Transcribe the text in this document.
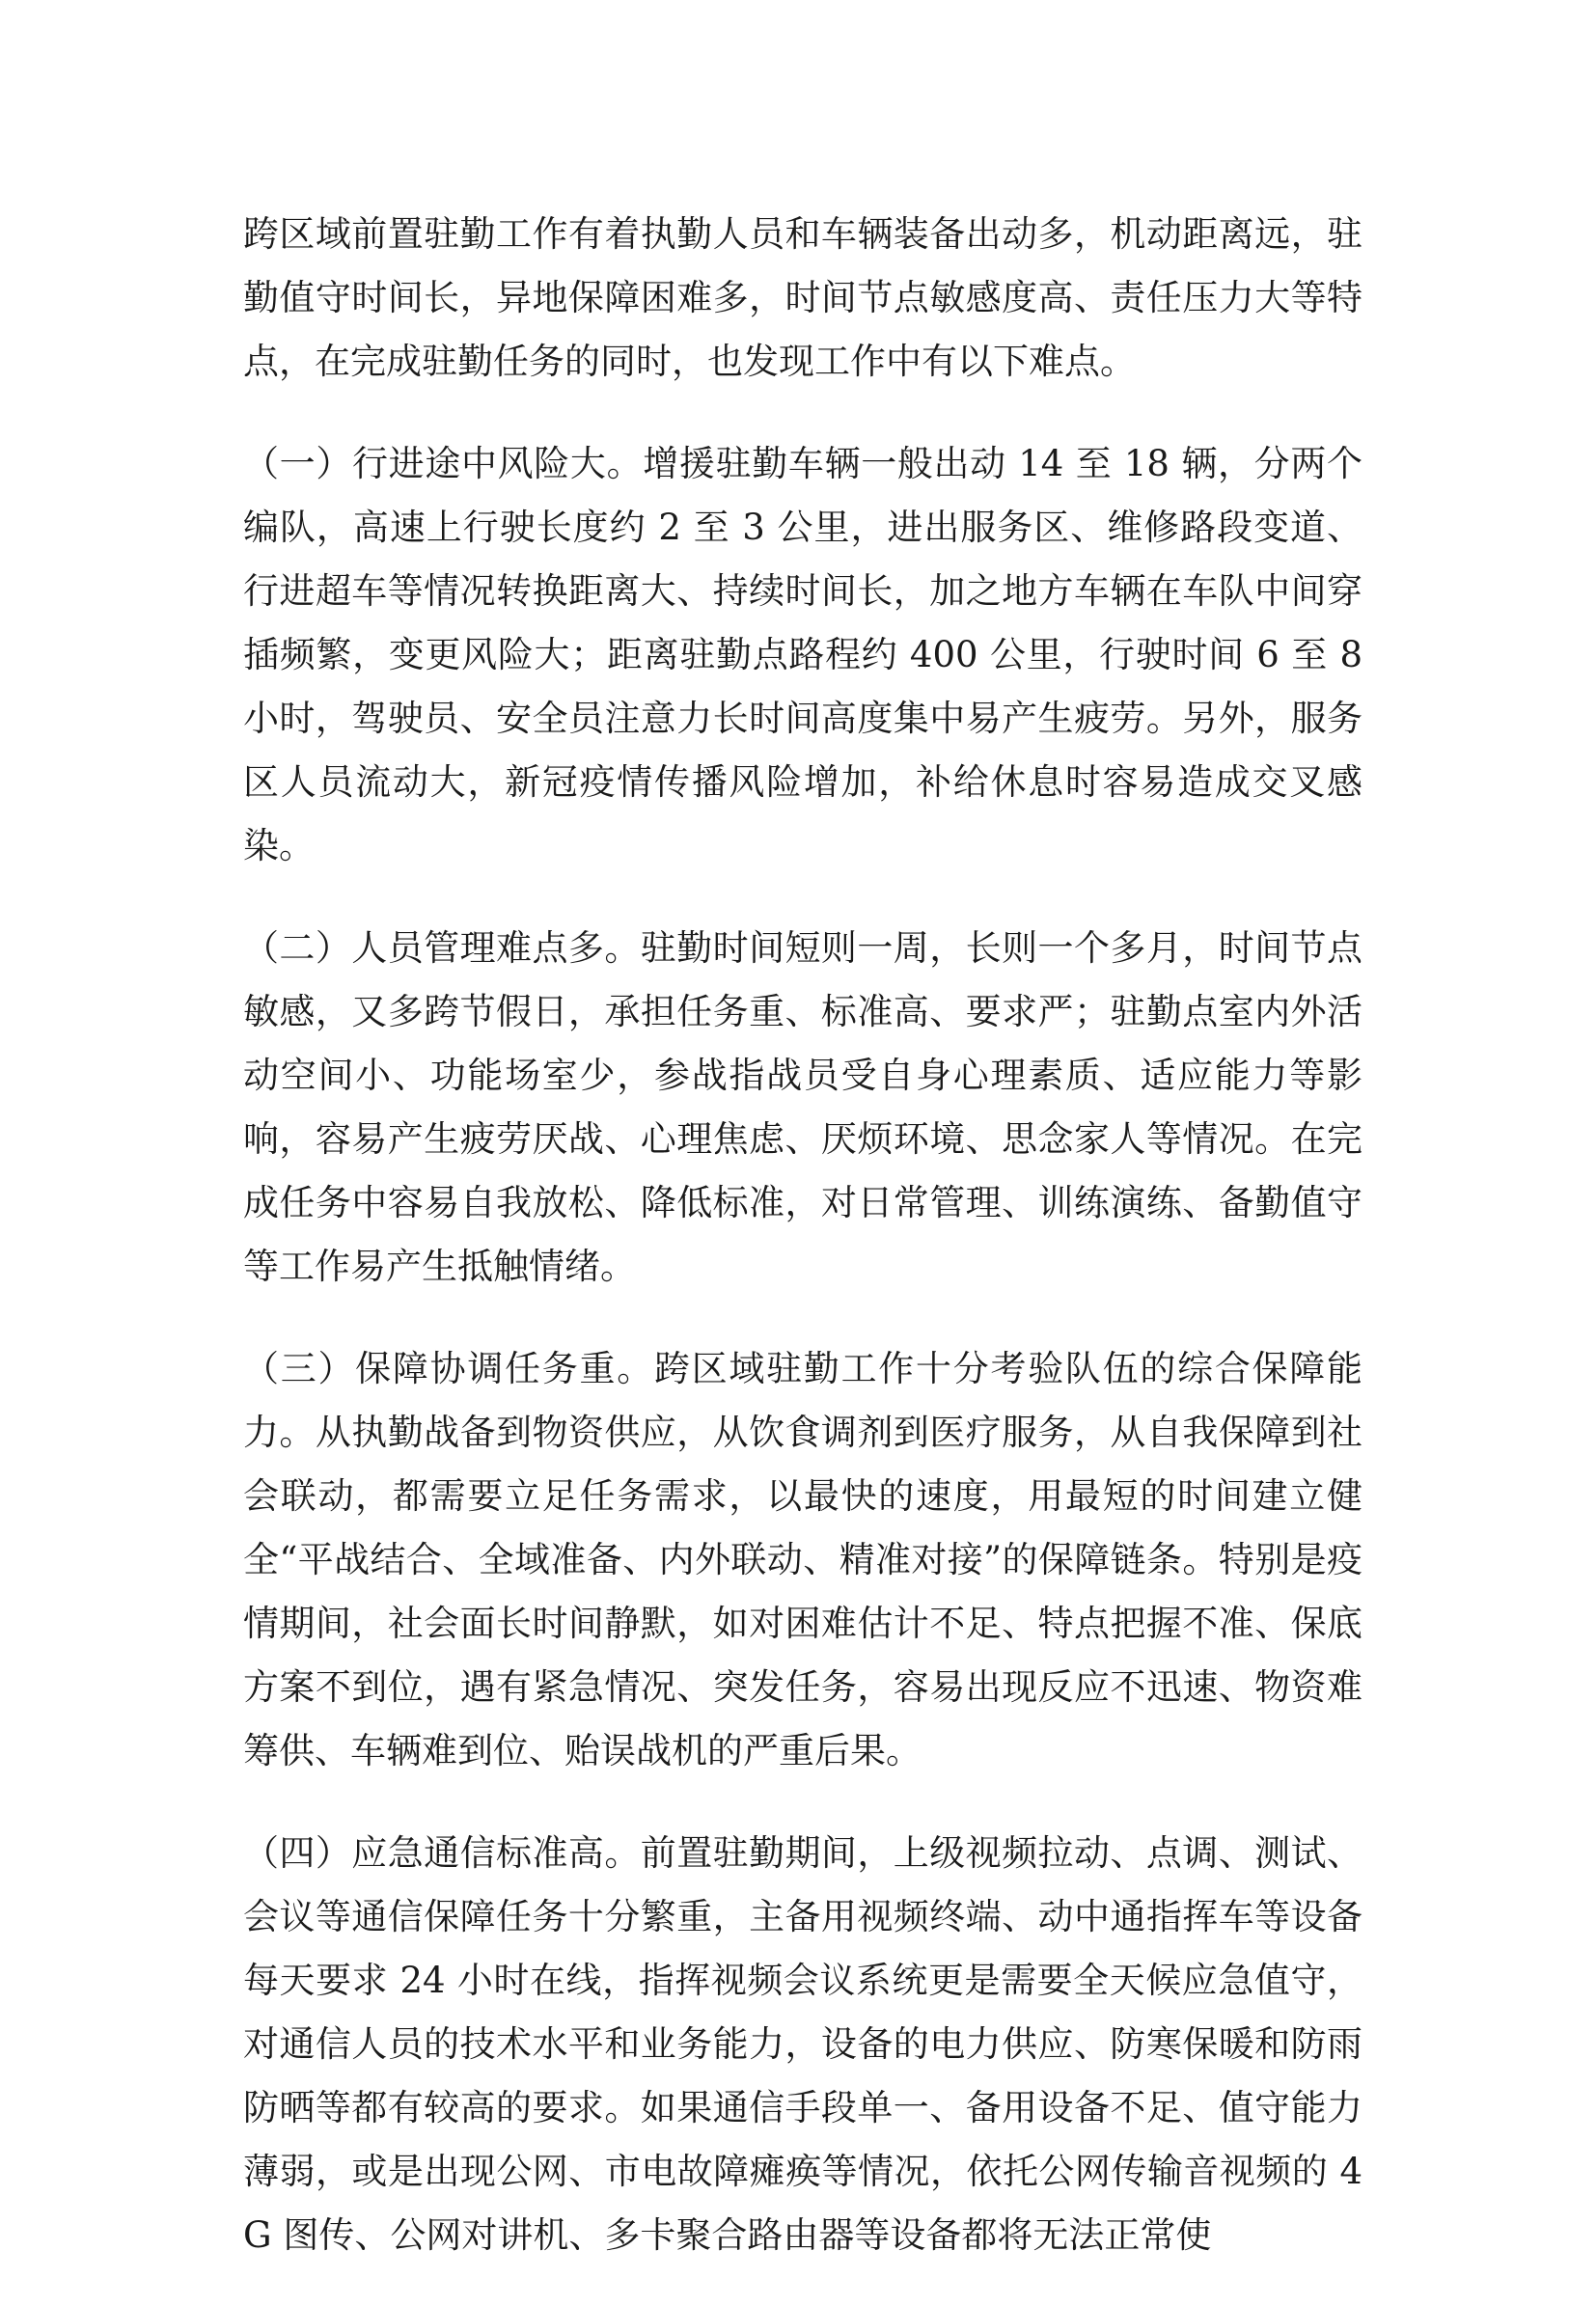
跨区域前置驻勤工作有着执勤人员和车辆装备出动多，机动距离远，驻勤值守时间长，异地保障困难多，时间节点敏感度高、责任压力大等特点，在完成驻勤任务的同时，也发现工作中有以下难点。

（一）行进途中风险大。增援驻勤车辆一般出动 14 至 18 辆，分两个编队，高速上行驶长度约 2 至 3 公里，进出服务区、维修路段变道、行进超车等情况转换距离大、持续时间长，加之地方车辆在车队中间穿插频繁，变更风险大；距离驻勤点路程约 400 公里，行驶时间 6 至 8 小时，驾驶员、安全员注意力长时间高度集中易产生疲劳。另外，服务区人员流动大，新冠疫情传播风险增加，补给休息时容易造成交叉感染。

（二）人员管理难点多。驻勤时间短则一周，长则一个多月，时间节点敏感，又多跨节假日，承担任务重、标准高、要求严；驻勤点室内外活动空间小、功能场室少，参战指战员受自身心理素质、适应能力等影响，容易产生疲劳厌战、心理焦虑、厌烦环境、思念家人等情况。在完成任务中容易自我放松、降低标准，对日常管理、训练演练、备勤值守等工作易产生抵触情绪。

（三）保障协调任务重。跨区域驻勤工作十分考验队伍的综合保障能力。从执勤战备到物资供应，从饮食调剂到医疗服务，从自我保障到社会联动，都需要立足任务需求，以最快的速度，用最短的时间建立健全“平战结合、全域准备、内外联动、精准对接”的保障链条。特别是疫情期间，社会面长时间静默，如对困难估计不足、特点把握不准、保底方案不到位，遇有紧急情况、突发任务，容易出现反应不迅速、物资难筹供、车辆难到位、贻误战机的严重后果。

（四）应急通信标准高。前置驻勤期间，上级视频拉动、点调、测试、会议等通信保障任务十分繁重，主备用视频终端、动中通指挥车等设备每天要求 24 小时在线，指挥视频会议系统更是需要全天候应急值守，对通信人员的技术水平和业务能力，设备的电力供应、防寒保暖和防雨防晒等都有较高的要求。如果通信手段单一、备用设备不足、值守能力薄弱，或是出现公网、市电故障瘫痪等情况，依托公网传输音视频的 4G 图传、公网对讲机、多卡聚合路由器等设备都将无法正常使
